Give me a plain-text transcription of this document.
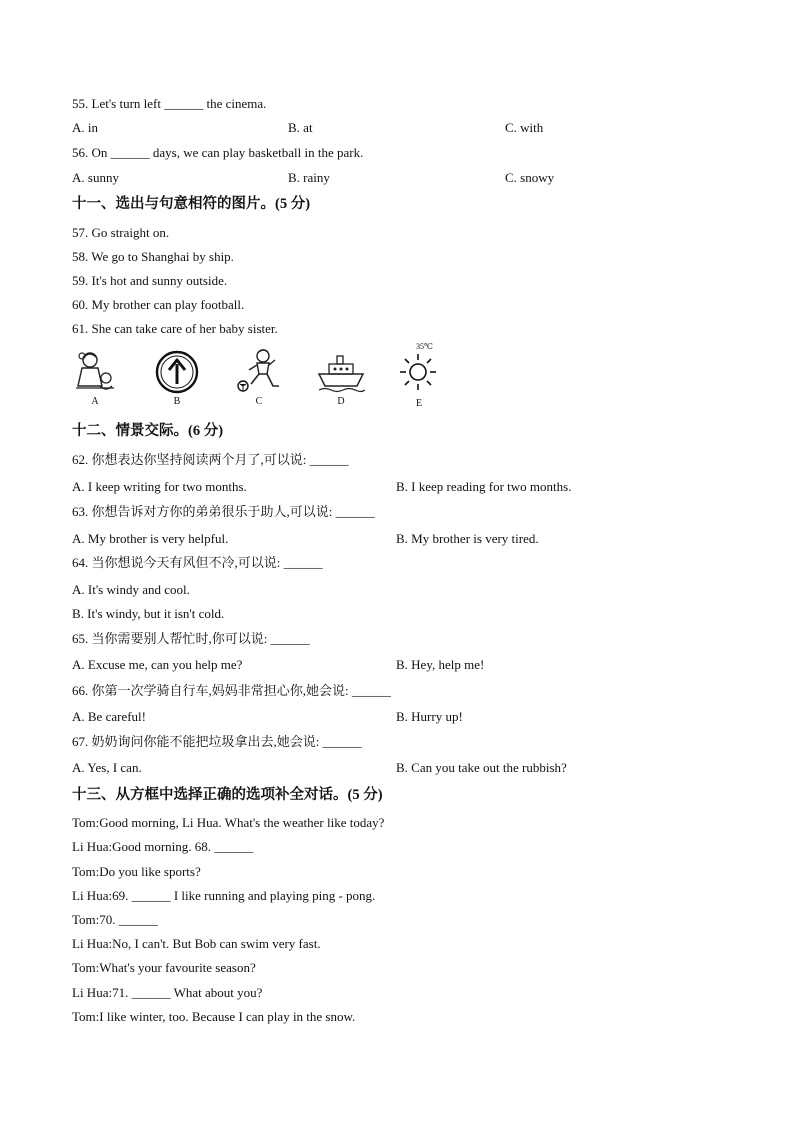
55. Let's turn left ______ the cinema.
A. in	B. at	C. with
56. On ______ days, we can play basketball in the park.
A. sunny	B. rainy	C. snowy
十一、选出与句意相符的图片。(5 分)
57. Go straight on.
58. We go to Shanghai by ship.
59. It's hot and sunny outside.
60. My brother can play football.
61. She can take care of her baby sister.
A	B	C	D
35℃
E
十二、情景交际。(6 分)
62. 你想表达你坚持阅读两个月了,可以说: ______
A. I keep writing for two months.	B. I keep reading for two months.
63. 你想告诉对方你的弟弟很乐于助人,可以说: ______
A. My brother is very helpful.	B. My brother is very tired.
64. 当你想说今天有风但不冷,可以说: ______
A. It's windy and cool.
B. It's windy, but it isn't cold.
65. 当你需要别人帮忙时,你可以说: ______
A. Excuse me, can you help me?	B. Hey, help me!
66. 你第一次学骑自行车,妈妈非常担心你,她会说: ______
A. Be careful!	B. Hurry up!
67. 奶奶询问你能不能把垃圾拿出去,她会说: ______
A. Yes, I can.	B. Can you take out the rubbish?
十三、从方框中选择正确的选项补全对话。(5 分)
Tom:Good morning, Li Hua. What's the weather like today?
Li Hua:Good morning. 68. ______
Tom:Do you like sports?
Li Hua:69. ______ I like running and playing ping - pong.
Tom:70. ______
Li Hua:No, I can't. But Bob can swim very fast.
Tom:What's your favourite season?
Li Hua:71. ______ What about you?
Tom:I like winter, too. Because I can play in the snow.
